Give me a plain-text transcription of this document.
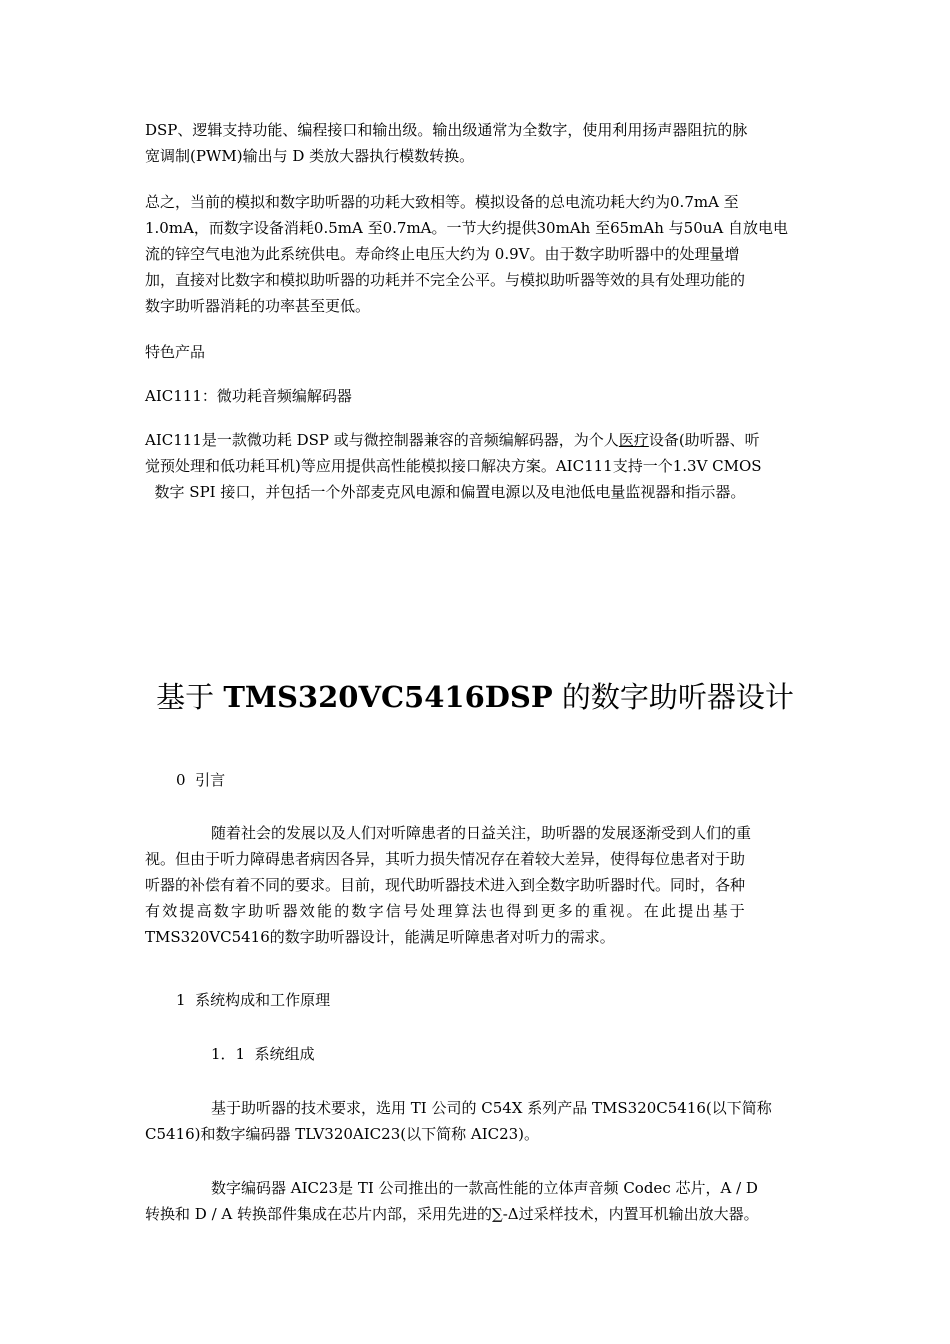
DSP、逻辑支持功能、编程接口和输出级。输出级通常为全数字，使用利用扬声器阻抗的脉
宽调制(PWM)输出与 D 类放大器执行模数转换。

总之，当前的模拟和数字助听器的功耗大致相等。模拟设备的总电流功耗大约为0.7mA 至
1.0mA，而数字设备消耗0.5mA 至0.7mA。一节大约提供30mAh 至65mAh 与50uA 自放电电
流的锌空气电池为此系统供电。寿命终止电压大约为 0.9V。由于数字助听器中的处理量增
加，直接对比数字和模拟助听器的功耗并不完全公平。与模拟助听器等效的具有处理功能的
数字助听器消耗的功率甚至更低。

特色产品

AIC111：微功耗音频编解码器

AIC111是一款微功耗 DSP 或与微控制器兼容的音频编解码器，为个人医疗设备(助听器、听
觉预处理和低功耗耳机)等应用提供高性能模拟接口解决方案。AIC111支持一个1.3V CMOS
数字 SPI 接口，并包括一个外部麦克风电源和偏置电源以及电池低电量监视器和指示器。

基于 TMS320VC5416DSP 的数字助听器设计

0  引言

随着社会的发展以及人们对听障患者的日益关注，助听器的发展逐渐受到人们的重
视。但由于听力障碍患者病因各异，其听力损失情况存在着较大差异，使得每位患者对于助
听器的补偿有着不同的要求。目前，现代助听器技术进入到全数字助听器时代。同时，各种
有效提高数字助听器效能的数字信号处理算法也得到更多的重视。在此提出基于
TMS320VC5416的数字助听器设计，能满足听障患者对听力的需求。

1  系统构成和工作原理

1．1  系统组成

基于助听器的技术要求，选用 TI 公司的 C54X 系列产品 TMS320C5416(以下简称
C5416)和数字编码器 TLV320AIC23(以下简称 AIC23)。

数字编码器 AIC23是 TI 公司推出的一款高性能的立体声音频 Codec 芯片，A / D
转换和 D / A 转换部件集成在芯片内部，采用先进的∑-Δ过采样技术，内置耳机输出放大器。
